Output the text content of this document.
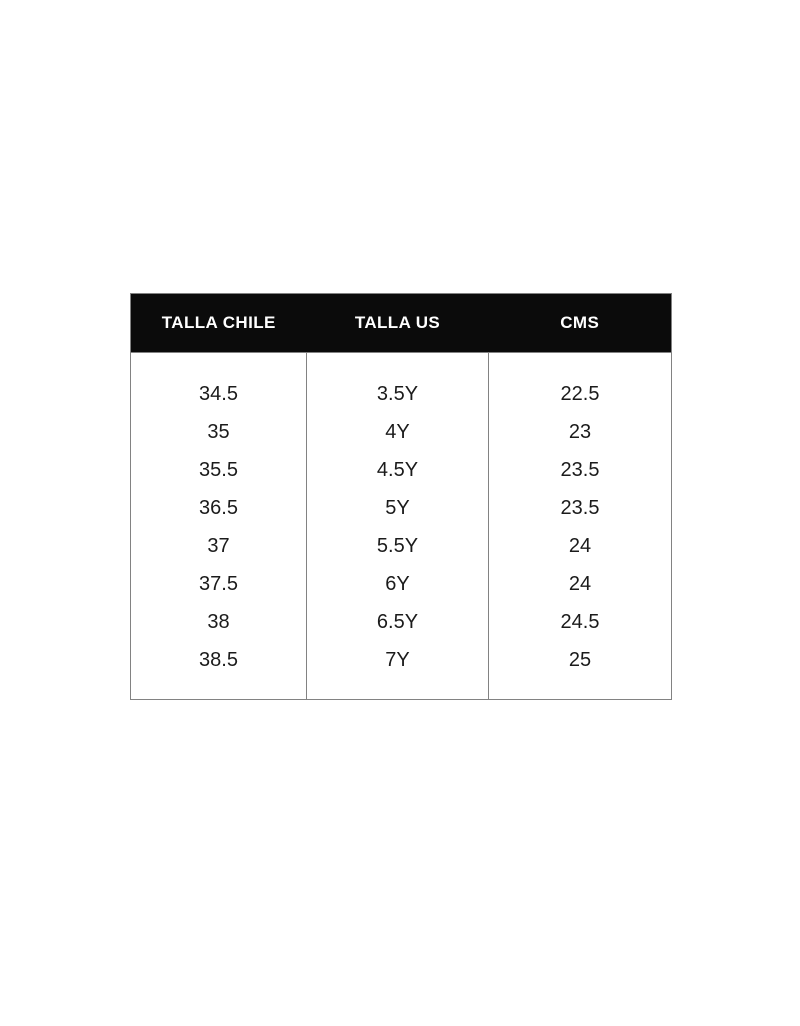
TALLA CHILE	TALLA US	CMS
34.5	3.5Y	22.5
35	4Y	23
35.5	4.5Y	23.5
36.5	5Y	23.5
37	5.5Y	24
37.5	6Y	24
38	6.5Y	24.5
38.5	7Y	25
